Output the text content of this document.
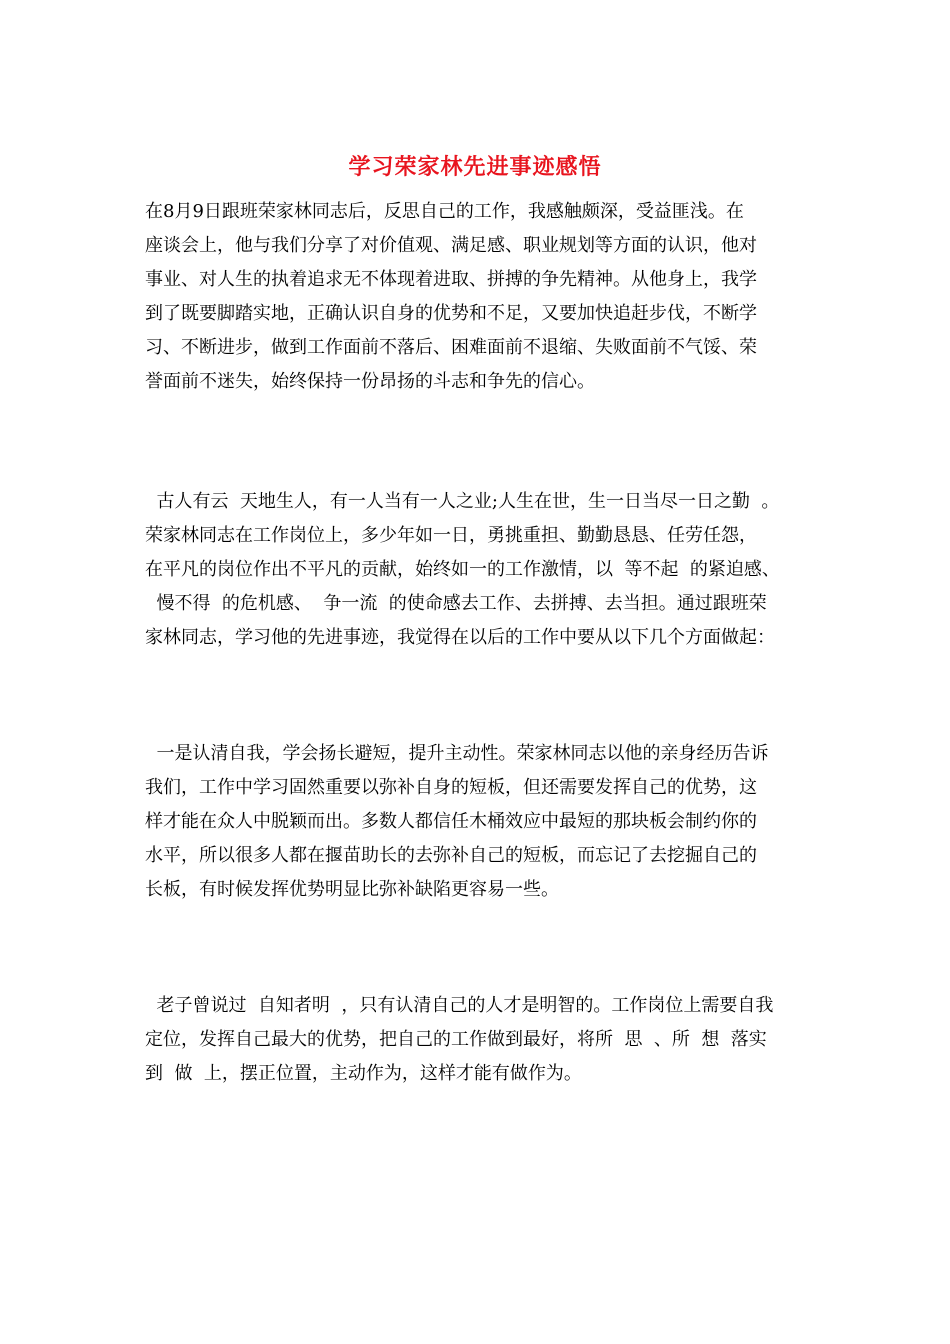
学习荣家林先进事迹感悟
在8月9日跟班荣家林同志后，反思自己的工作，我感触颇深，受益匪浅。在
座谈会上，他与我们分享了对价值观、满足感、职业规划等方面的认识，他对
事业、对人生的执着追求无不体现着进取、拼搏的争先精神。从他身上，我学
到了既要脚踏实地，正确认识自身的优势和不足，又要加快追赶步伐，不断学
习、不断进步，做到工作面前不落后、困难面前不退缩、失败面前不气馁、荣
誉面前不迷失，始终保持一份昂扬的斗志和争先的信心。
古人有云  天地生人，有一人当有一人之业;人生在世，生一日当尽一日之勤  。
荣家林同志在工作岗位上，多少年如一日，勇挑重担、勤勤恳恳、任劳任怨，
在平凡的岗位作出不平凡的贡献，始终如一的工作激情，以  等不起  的紧迫感、
慢不得  的危机感、  争一流  的使命感去工作、去拼搏、去当担。通过跟班荣
家林同志，学习他的先进事迹，我觉得在以后的工作中要从以下几个方面做起：
一是认清自我，学会扬长避短，提升主动性。荣家林同志以他的亲身经历告诉
我们，工作中学习固然重要以弥补自身的短板，但还需要发挥自己的优势，这
样才能在众人中脱颖而出。多数人都信任木桶效应中最短的那块板会制约你的
水平，所以很多人都在揠苗助长的去弥补自己的短板，而忘记了去挖掘自己的
长板，有时候发挥优势明显比弥补缺陷更容易一些。
老子曾说过  自知者明  ，只有认清自己的人才是明智的。工作岗位上需要自我
定位，发挥自己最大的优势，把自己的工作做到最好，将所  思  、所  想  落实
到  做  上，摆正位置，主动作为，这样才能有做作为。
